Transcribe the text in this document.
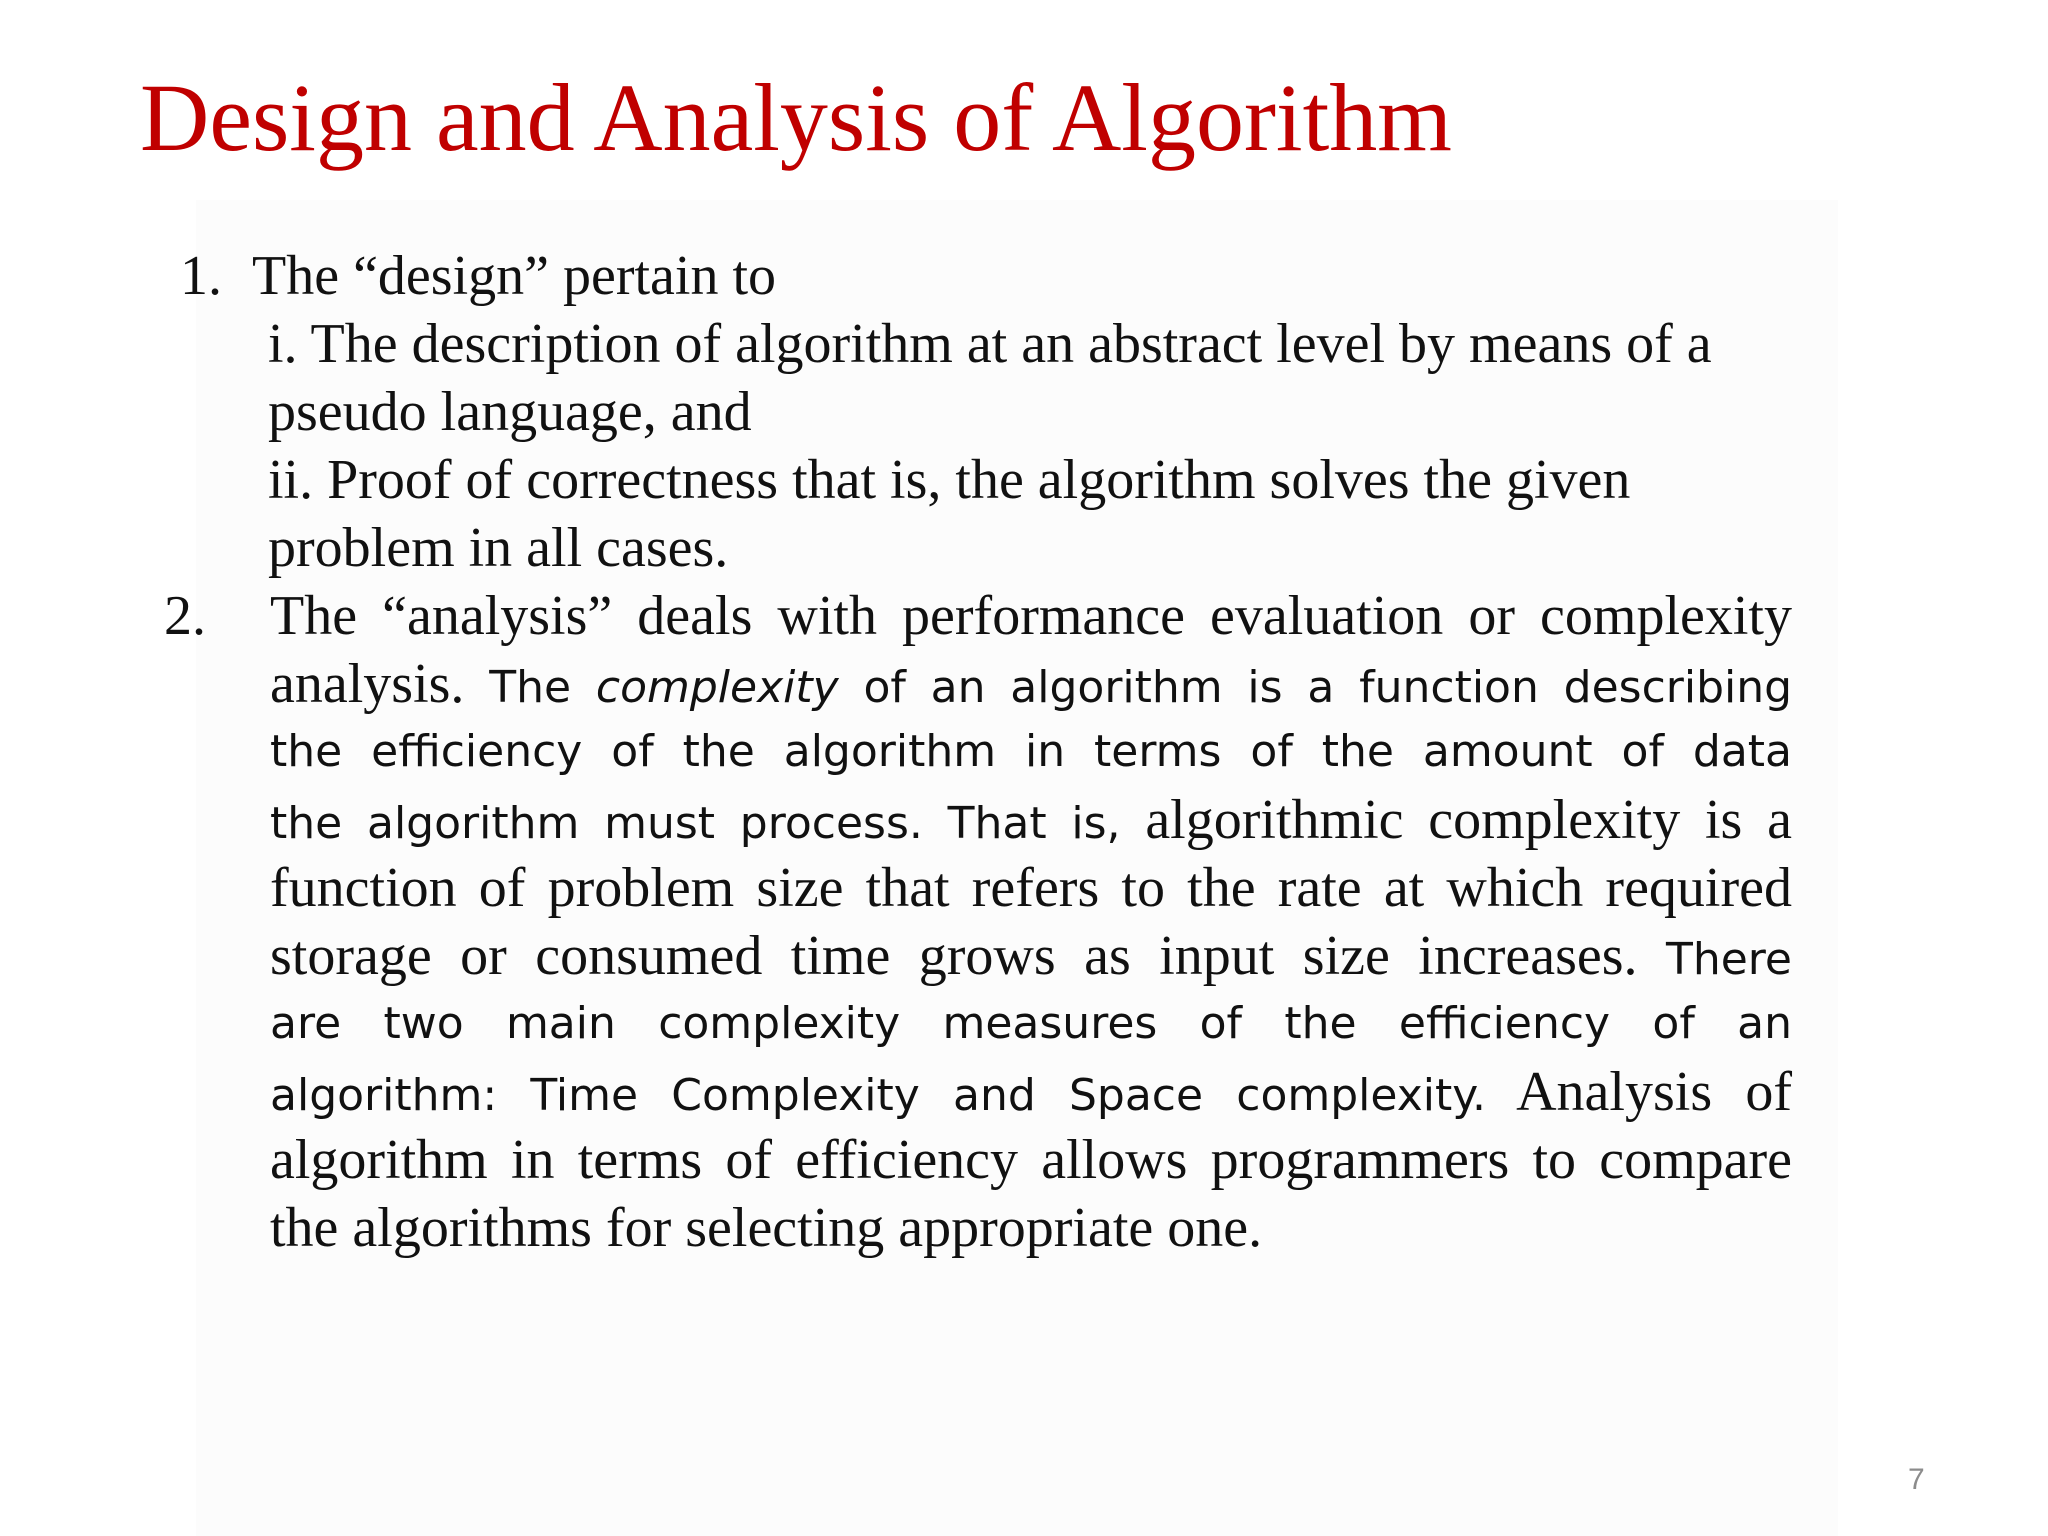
Design and Analysis of Algorithm
1. The “design” pertain to
i. The description of algorithm at an abstract level by means of a
pseudo language, and
ii. Proof of correctness that is, the algorithm solves the given
problem in all cases.
2. The “analysis” deals with performance evaluation or complexity
analysis. The complexity of an algorithm is a function describing
the efficiency of the algorithm in terms of the amount of data
the algorithm must process. That is, algorithmic complexity is a
function of problem size that refers to the rate at which required
storage or consumed time grows as input size increases. There
are two main complexity measures of the efficiency of an
algorithm: Time Complexity and Space complexity. Analysis of
algorithm in terms of efficiency allows programmers to compare
the algorithms for selecting appropriate one.
7
